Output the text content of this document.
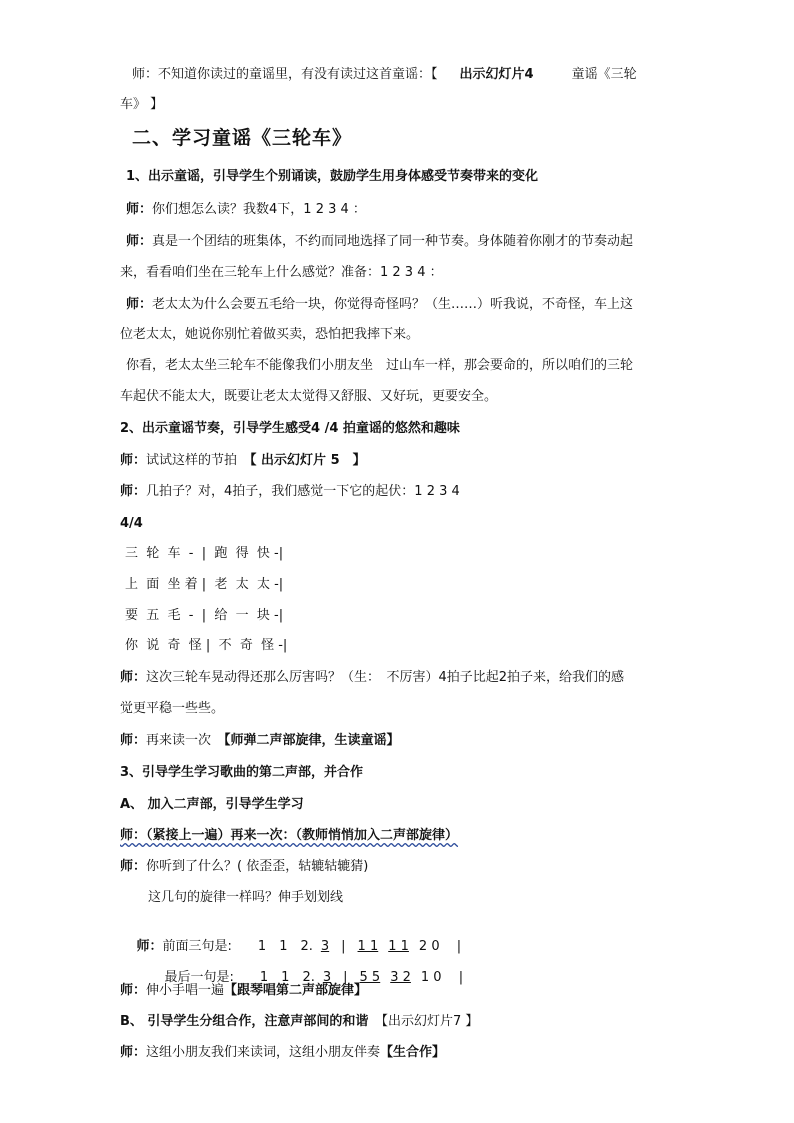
师：不知道你读过的童谣里，有没有读过这首童谣：【 出示幻灯片4	童谣《三轮
车》 】
二、学习童谣《三轮车》
1、出示童谣，引导学生个别诵读，鼓励学生用身体感受节奏带来的变化
师：你们想怎么读？我数4下，1 2 3 4 ：
师：真是一个团结的班集体，不约而同地选择了同一种节奏。身体随着你刚才的节奏动起
来，看看咱们坐在三轮车上什么感觉？准备：1 2 3 4 ：
师：老太太为什么会要五毛给一块，你觉得奇怪吗？（生……）听我说，不奇怪，车上这
位老太太，她说你别忙着做买卖，恐怕把我摔下来。
你看，老太太坐三轮车不能像我们小朋友坐　过山车一样，那会要命的，所以咱们的三轮
车起伏不能太大，既要让老太太觉得又舒服、又好玩，更要安全。
2、出示童谣节奏，引导学生感受4 /4 拍童谣的悠然和趣味
师：试试这样的节拍　【 出示幻灯片 5　】
师：几拍子？对，4拍子，我们感觉一下它的起伏：1 2 3 4
4/4
三  轮  车  -  |  跑  得  快 -|
上  面  坐 着 |  老  太  太 -|
要  五  毛  -  |  给  一  块 -|
你  说  奇  怪 |  不  奇  怪 -|
师：这次三轮车晃动得还那么厉害吗？（生：　不厉害）4拍子比起2拍子来，给我们的感
觉更平稳一些些。
师：再来读一次　【师弹二声部旋律，生读童谣】
3、引导学生学习歌曲的第二声部，并合作
A、 加入二声部，引导学生学习
师：（紧接上一遍）再来一次：（教师悄悄加入二声部旋律）
师：你听到了什么？( 依歪歪，轱辘轱辘猜)
这几句的旋律一样吗？伸手划划线

师：前面三句是:　　1　1　2. 3 | 1 1 1 1 2 0　 |

最后一句是:　　1　1　2. 3 | 5 5 3 2 1 0　 |

师：伸小手唱一遍【跟琴唱第二声部旋律】
B、 引导学生分组合作，注意声部间的和谐　【出示幻灯片7 】
师：这组小朋友我们来读词，这组小朋友伴奏【生合作】
